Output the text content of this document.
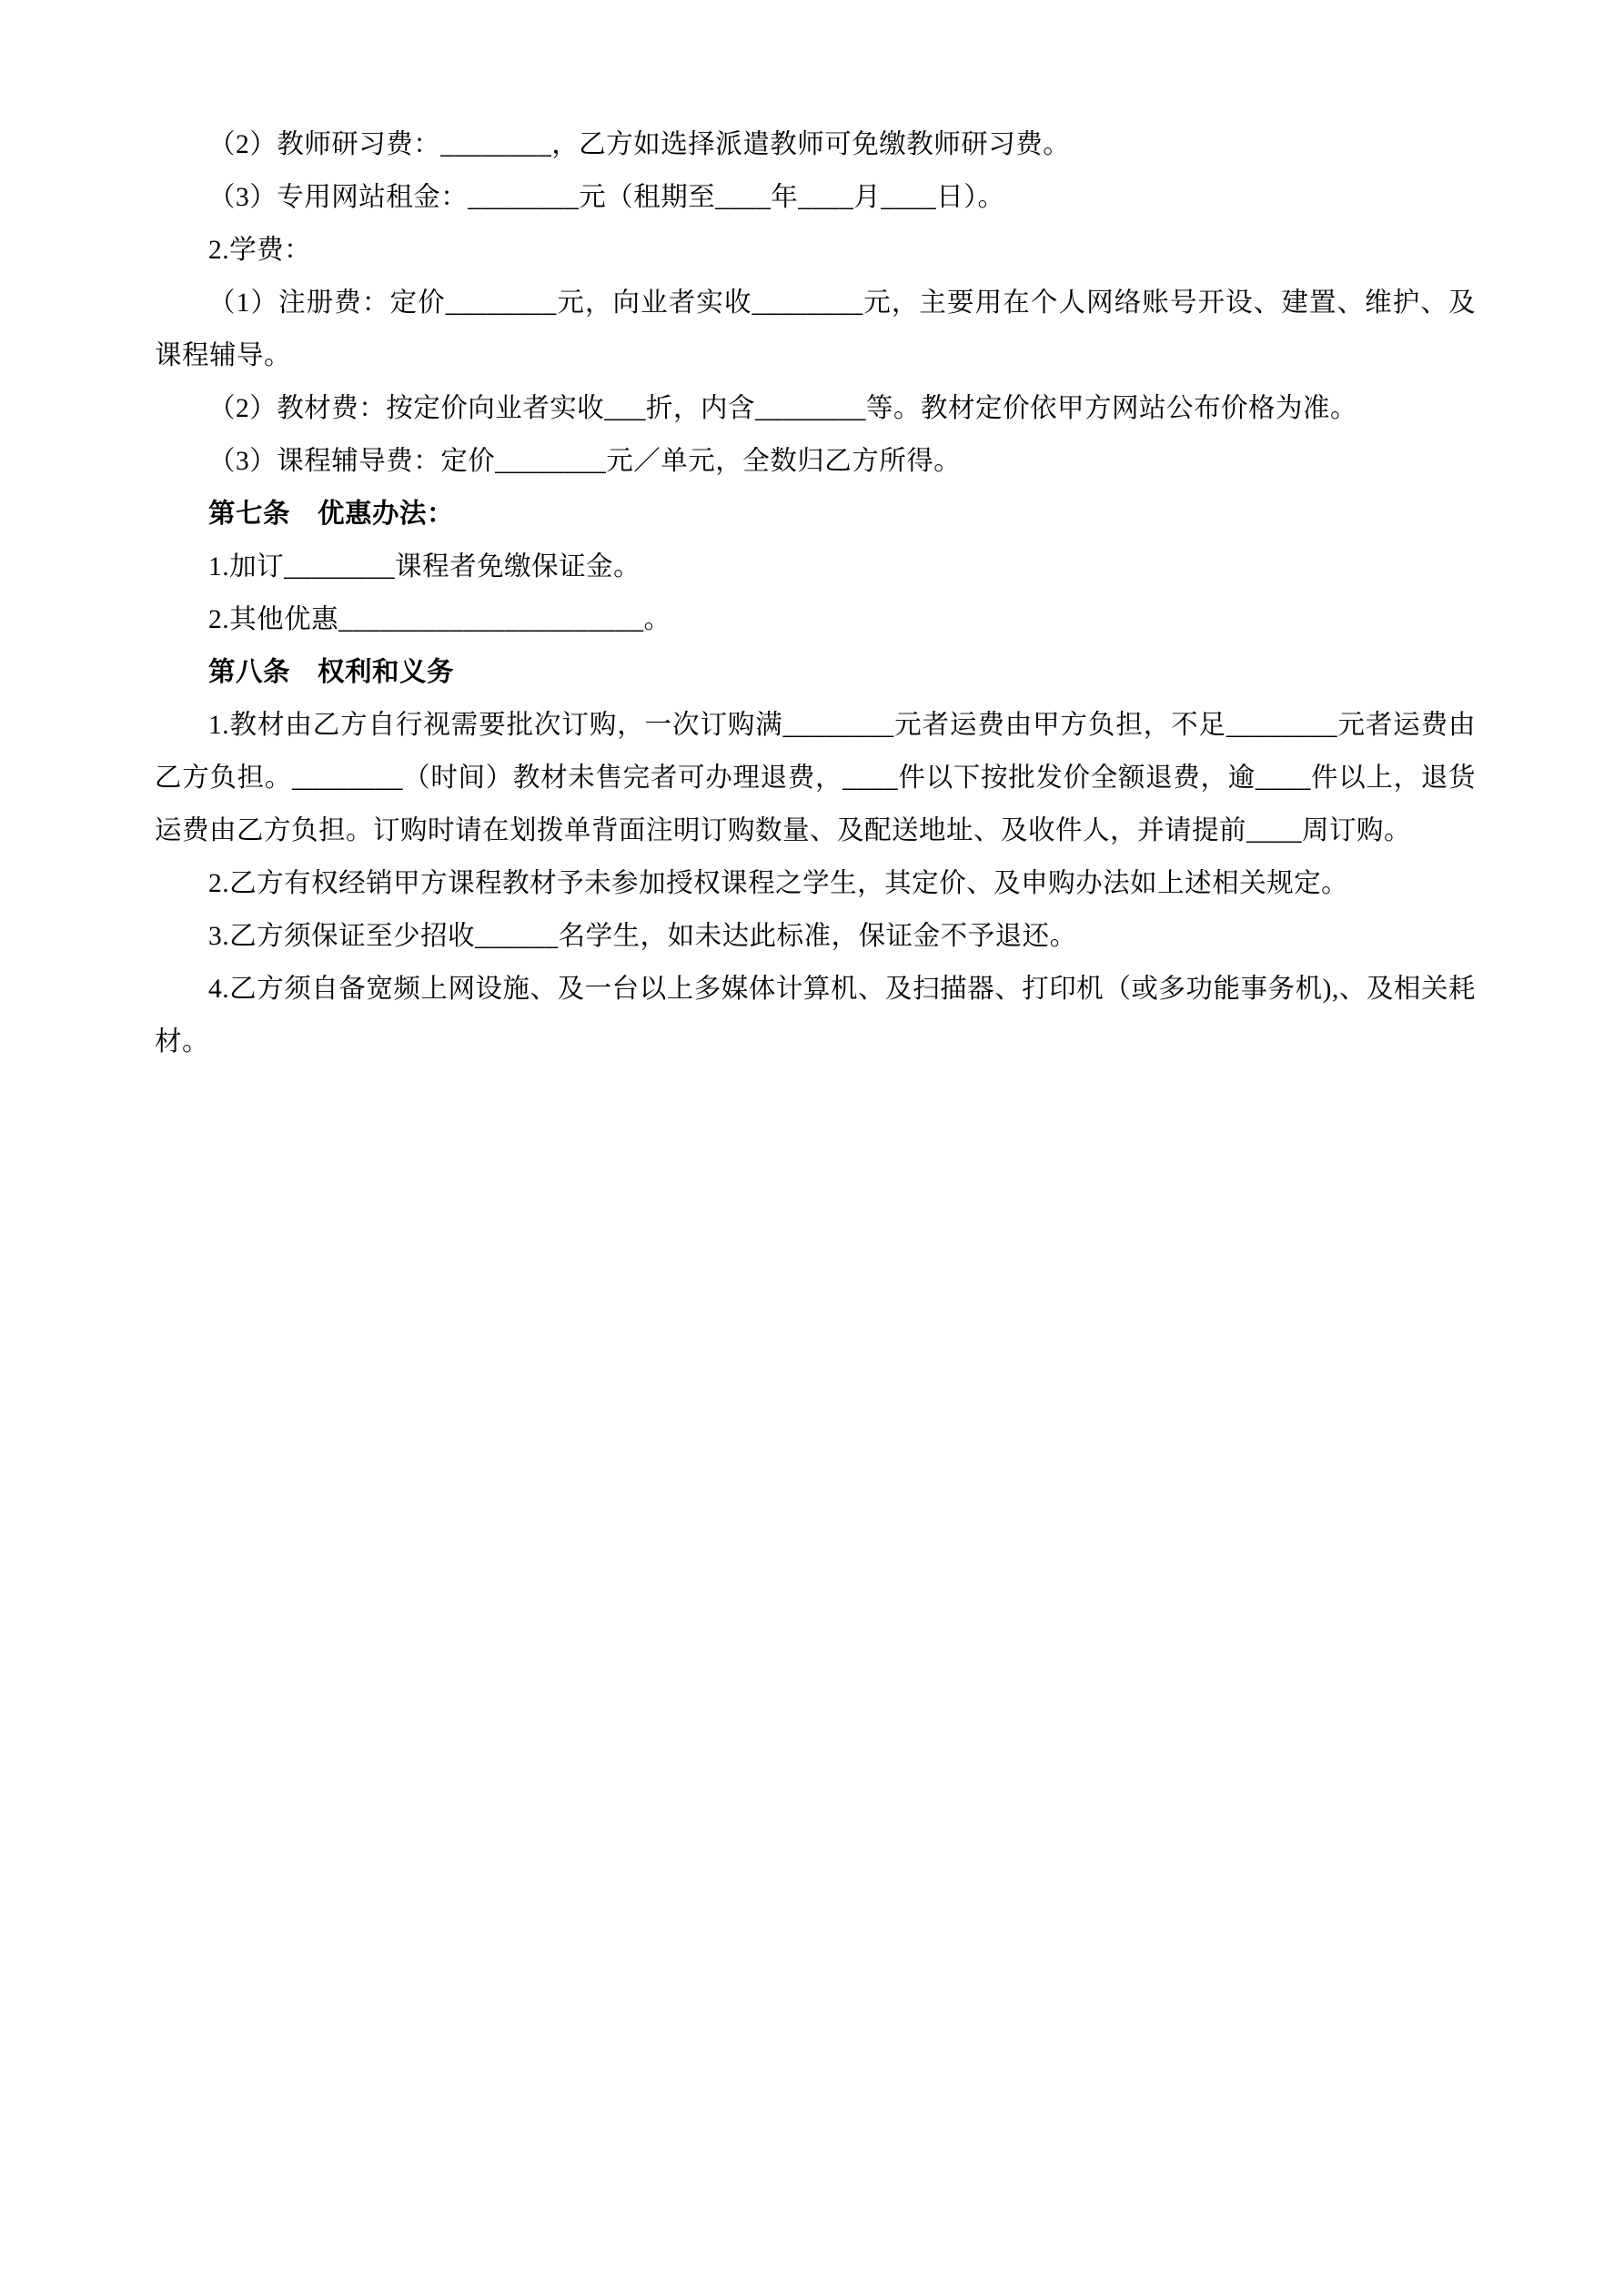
（2）教师研习费：________，乙方如选择派遣教师可免缴教师研习费。

（3）专用网站租金：________元（租期至____年____月____日）。

2.学费：

（1）注册费：定价________元，向业者实收________元，主要用在个人网络账号开设、建置、维护、及课程辅导。

（2）教材费：按定价向业者实收___折，内含________等。教材定价依甲方网站公布价格为准。

（3）课程辅导费：定价________元／单元，全数归乙方所得。

第七条　优惠办法：

1.加订________课程者免缴保证金。

2.其他优惠______________________。

第八条　权利和义务

1.教材由乙方自行视需要批次订购，一次订购满________元者运费由甲方负担，不足________元者运费由乙方负担。________（时间）教材未售完者可办理退费，____件以下按批发价全额退费，逾____件以上，退货运费由乙方负担。订购时请在划拨单背面注明订购数量、及配送地址、及收件人，并请提前____周订购。

2.乙方有权经销甲方课程教材予未参加授权课程之学生，其定价、及申购办法如上述相关规定。

3.乙方须保证至少招收______名学生，如未达此标准，保证金不予退还。

4.乙方须自备宽频上网设施、及一台以上多媒体计算机、及扫描器、打印机（或多功能事务机),、及相关耗材。
